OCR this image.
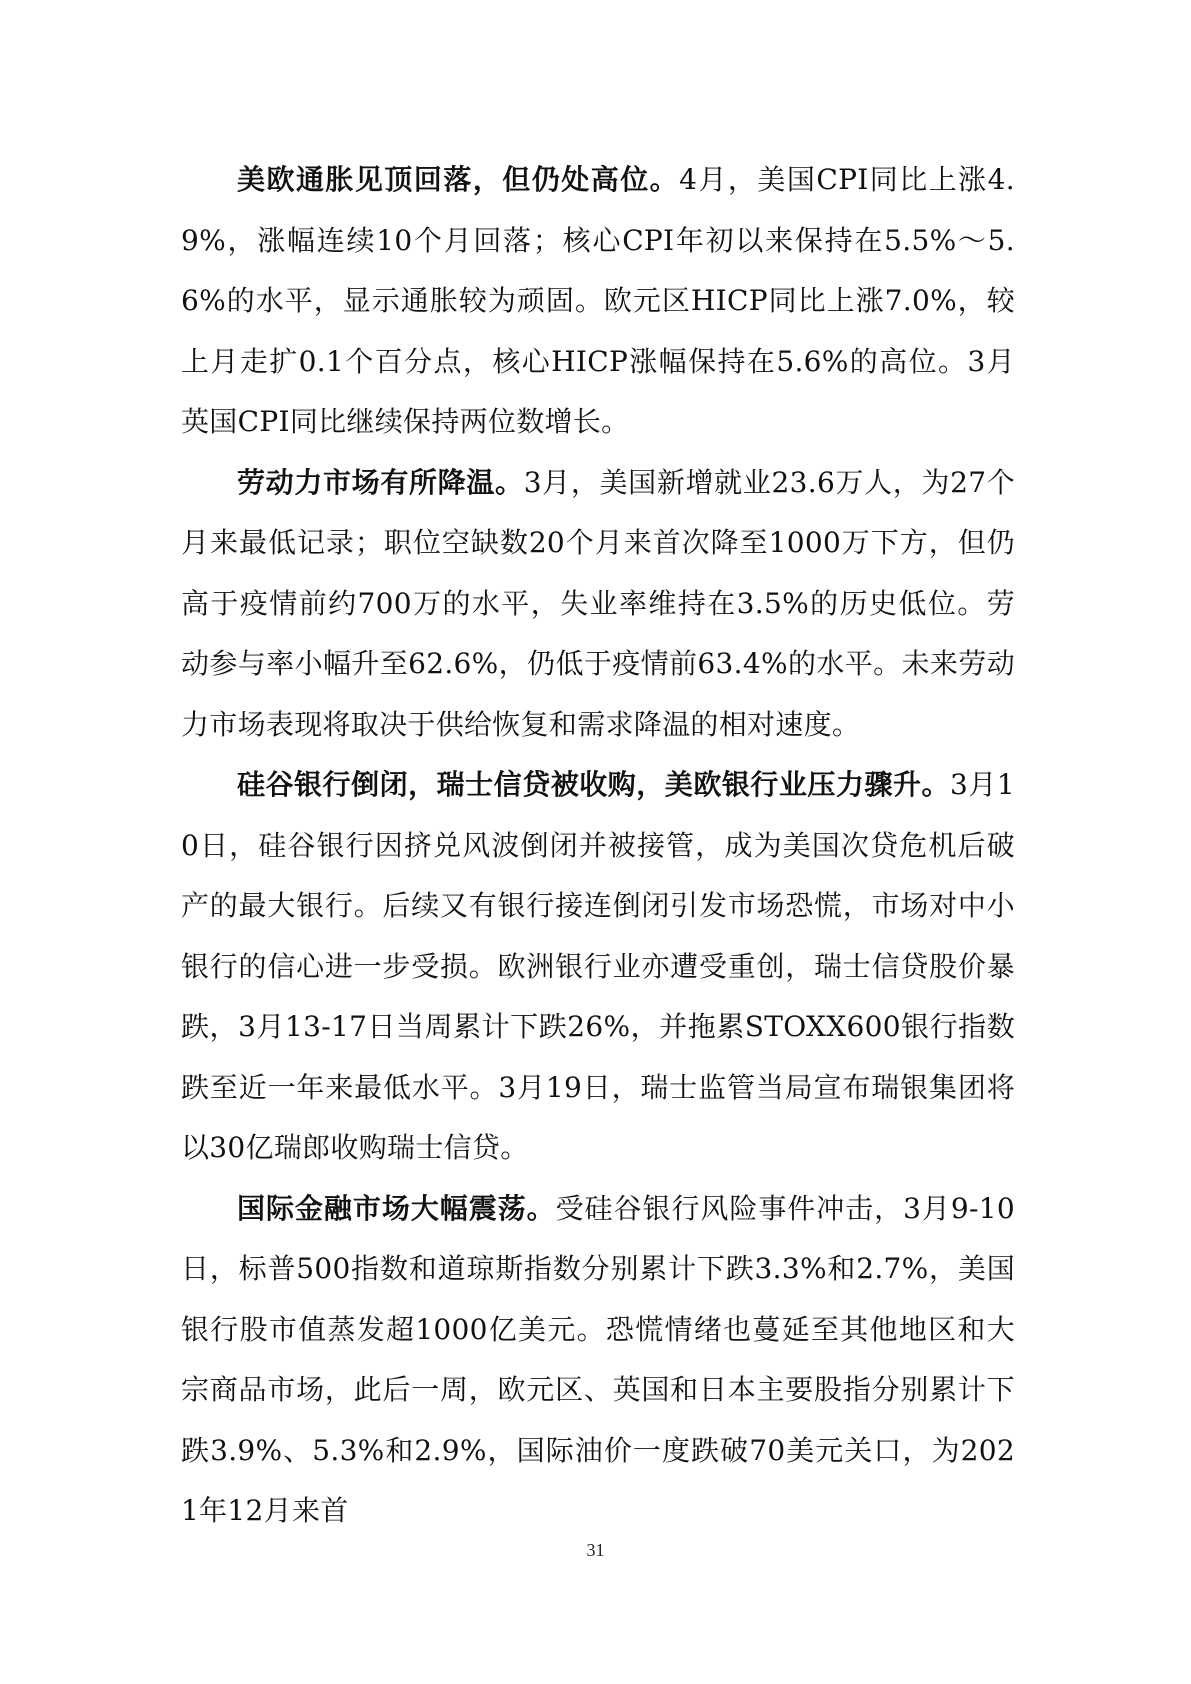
美欧通胀见顶回落，但仍处高位。4月，美国CPI同比上涨4.9%，涨幅连续10个月回落；核心CPI年初以来保持在5.5%～5.6%的水平，显示通胀较为顽固。欧元区HICP同比上涨7.0%，较上月走扩0.1个百分点，核心HICP涨幅保持在5.6%的高位。3月英国CPI同比继续保持两位数增长。

劳动力市场有所降温。3月，美国新增就业23.6万人，为27个月来最低记录；职位空缺数20个月来首次降至1000万下方，但仍高于疫情前约700万的水平，失业率维持在3.5%的历史低位。劳动参与率小幅升至62.6%，仍低于疫情前63.4%的水平。未来劳动力市场表现将取决于供给恢复和需求降温的相对速度。

硅谷银行倒闭，瑞士信贷被收购，美欧银行业压力骤升。3月10日，硅谷银行因挤兑风波倒闭并被接管，成为美国次贷危机后破产的最大银行。后续又有银行接连倒闭引发市场恐慌，市场对中小银行的信心进一步受损。欧洲银行业亦遭受重创，瑞士信贷股价暴跌，3月13-17日当周累计下跌26%，并拖累STOXX600银行指数跌至近一年来最低水平。3月19日，瑞士监管当局宣布瑞银集团将以30亿瑞郎收购瑞士信贷。

国际金融市场大幅震荡。受硅谷银行风险事件冲击，3月9-10日，标普500指数和道琼斯指数分别累计下跌3.3%和2.7%，美国银行股市值蒸发超1000亿美元。恐慌情绪也蔓延至其他地区和大宗商品市场，此后一周，欧元区、英国和日本主要股指分别累计下跌3.9%、5.3%和2.9%，国际油价一度跌破70美元关口，为2021年12月来首

31
